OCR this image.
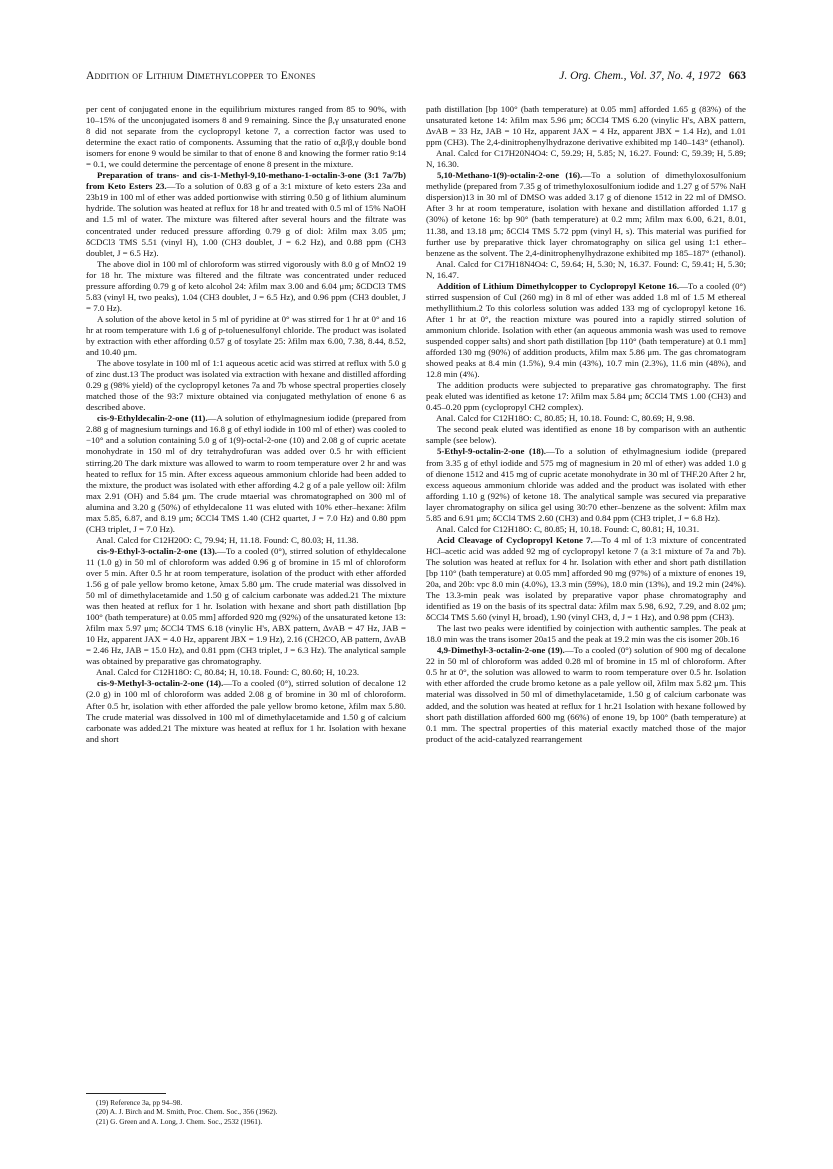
Addition of Lithium Dimethylcopper to Enones	J. Org. Chem., Vol. 37, No. 4, 1972 663

per cent of conjugated enone in the equilibrium mixtures ranged from 85 to 90%, with 10–15% of the unconjugated isomers 8 and 9 remaining. Since the β,γ unsaturated enone 8 did not separate from the cyclopropyl ketone 7, a correction factor was used to determine the exact ratio of components. Assuming that the ratio of α,β/β,γ double bond isomers for enone 9 would be similar to that of enone 8 and knowing the former ratio 9:14 = 0.1, we could determine the percentage of enone 8 present in the mixture.

Preparation of trans- and cis-1-Methyl-9,10-methano-1-octalin-3-one (3:1 7a/7b) from Keto Esters 23.—To a solution of 0.83 g of a 3:1 mixture of keto esters 23a and 23b19 in 100 ml of ether was added portionwise with stirring 0.50 g of lithium aluminum hydride. The solution was heated at reflux for 18 hr and treated with 0.5 ml of 15% NaOH and 1.5 ml of water. The mixture was filtered after several hours and the filtrate was concentrated under reduced pressure affording 0.79 g of diol: λfilm max 3.05 μm; δCDCl3 TMS 5.51 (vinyl H), 1.00 (CH3 doublet, J = 6.2 Hz), and 0.88 ppm (CH3 doublet, J = 6.5 Hz).

The above diol in 100 ml of chloroform was stirred vigorously with 8.0 g of MnO2 19 for 18 hr. The mixture was filtered and the filtrate was concentrated under reduced pressure affording 0.79 g of keto alcohol 24: λfilm max 3.00 and 6.04 μm; δCDCl3 TMS 5.83 (vinyl H, two peaks), 1.04 (CH3 doublet, J = 6.5 Hz), and 0.96 ppm (CH3 doublet, J = 7.0 Hz).

A solution of the above ketol in 5 ml of pyridine at 0° was stirred for 1 hr at 0° and 16 hr at room temperature with 1.6 g of p-toluenesulfonyl chloride. The product was isolated by extraction with ether affording 0.57 g of tosylate 25: λfilm max 6.00, 7.38, 8.44, 8.52, and 10.40 μm.

The above tosylate in 100 ml of 1:1 aqueous acetic acid was stirred at reflux with 5.0 g of zinc dust.13 The product was isolated via extraction with hexane and distilled affording 0.29 g (98% yield) of the cyclopropyl ketones 7a and 7b whose spectral properties closely matched those of the 93:7 mixture obtained via conjugated methylation of enone 6 as described above.

cis-9-Ethyldecalin-2-one (11).—A solution of ethylmagnesium iodide (prepared from 2.88 g of magnesium turnings and 16.8 g of ethyl iodide in 100 ml of ether) was cooled to −10° and a solution containing 5.0 g of 1(9)-octal-2-one (10) and 2.08 g of cupric acetate monohydrate in 150 ml of dry tetrahydrofuran was added over 0.5 hr with efficient stirring.20 The dark mixture was allowed to warm to room temperature over 2 hr and was heated to reflux for 15 min. After excess aqueous ammonium chloride had been added to the mixture, the product was isolated with ether affording 4.2 g of a pale yellow oil: λfilm max 2.91 (OH) and 5.84 μm. The crude mtaerial was chromatographed on 300 ml of alumina and 3.20 g (50%) of ethyldecalone 11 was eluted with 10% ether–hexane: λfilm max 5.85, 6.87, and 8.19 μm; δCCl4 TMS 1.40 (CH2 quartet, J = 7.0 Hz) and 0.80 ppm (CH3 triplet, J = 7.0 Hz).

Anal. Calcd for C12H20O: C, 79.94; H, 11.18. Found: C, 80.03; H, 11.38.

cis-9-Ethyl-3-octalin-2-one (13).—To a cooled (0°), stirred solution of ethyldecalone 11 (1.0 g) in 50 ml of chloroform was added 0.96 g of bromine in 15 ml of chloroform over 5 min. After 0.5 hr at room temperature, isolation of the product with ether afforded 1.56 g of pale yellow bromo ketone, λmax 5.80 μm. The crude material was dissolved in 50 ml of dimethylacetamide and 1.50 g of calcium carbonate was added.21 The mixture was then heated at reflux for 1 hr. Isolation with hexane and short path distillation [bp 100° (bath temperature) at 0.05 mm] afforded 920 mg (92%) of the unsaturated ketone 13: λfilm max 5.97 μm; δCCl4 TMS 6.18 (vinylic H's, ABX pattern, ΔνAB = 47 Hz, JAB = 10 Hz, apparent JAX = 4.0 Hz, apparent JBX = 1.9 Hz), 2.16 (CH2CO, AB pattern, ΔνAB = 2.46 Hz, JAB = 15.0 Hz), and 0.81 ppm (CH3 triplet, J = 6.3 Hz). The analytical sample was obtained by preparative gas chromatography.

Anal. Calcd for C12H18O: C, 80.84; H, 10.18. Found: C, 80.60; H, 10.23.

cis-9-Methyl-3-octalin-2-one (14).—To a cooled (0°), stirred solution of decalone 12 (2.0 g) in 100 ml of chloroform was added 2.08 g of bromine in 30 ml of chloroform. After 0.5 hr, isolation with ether afforded the pale yellow bromo ketone, λfilm max 5.80. The crude material was dissolved in 100 ml of dimethylacetamide and 1.50 g of calcium carbonate was added.21 The mixture was heated at reflux for 1 hr. Isolation with hexane and short

path distillation [bp 100° (bath temperature) at 0.05 mm] afforded 1.65 g (83%) of the unsaturated ketone 14: λfilm max 5.96 μm; δCCl4 TMS 6.20 (vinylic H's, ABX pattern, ΔνAB = 33 Hz, JAB = 10 Hz, apparent JAX = 4 Hz, apparent JBX = 1.4 Hz), and 1.01 ppm (CH3). The 2,4-dinitrophenylhydrazone derivative exhibited mp 140–143° (ethanol).

Anal. Calcd for C17H20N4O4: C, 59.29; H, 5.85; N, 16.27. Found: C, 59.39; H, 5.89; N, 16.30.

5,10-Methano-1(9)-octalin-2-one (16).—To a solution of dimethyloxosulfonium methylide (prepared from 7.35 g of trimethyloxosulfonium iodide and 1.27 g of 57% NaH dispersion)13 in 30 ml of DMSO was added 3.17 g of dienone 1512 in 22 ml of DMSO. After 3 hr at room temperature, isolation with hexane and distillation afforded 1.17 g (30%) of ketone 16: bp 90° (bath temperature) at 0.2 mm; λfilm max 6.00, 6.21, 8.01, 11.38, and 13.18 μm; δCCl4 TMS 5.72 ppm (vinyl H, s). This material was purified for further use by preparative thick layer chromatography on silica gel using 1:1 ether–benzene as the solvent. The 2,4-dinitrophenylhydrazone exhibited mp 185–187° (ethanol).

Anal. Calcd for C17H18N4O4: C, 59.64; H, 5.30; N, 16.37. Found: C, 59.41; H, 5.30; N, 16.47.

Addition of Lithium Dimethylcopper to Cyclopropyl Ketone 16.—To a cooled (0°) stirred suspension of CuI (260 mg) in 8 ml of ether was added 1.8 ml of 1.5 M ethereal methyllithium.2 To this colorless solution was added 133 mg of cyclopropyl ketone 16. After 1 hr at 0°, the reaction mixture was poured into a rapidly stirred solution of ammonium chloride. Isolation with ether (an aqueous ammonia wash was used to remove suspended copper salts) and short path distillation [bp 110° (bath temperature) at 0.1 mm] afforded 130 mg (90%) of addition products, λfilm max 5.86 μm. The gas chromatogram showed peaks at 8.4 min (1.5%), 9.4 min (43%), 10.7 min (2.3%), 11.6 min (48%), and 12.8 min (4%).

The addition products were subjected to preparative gas chromatography. The first peak eluted was identified as ketone 17: λfilm max 5.84 μm; δCCl4 TMS 1.00 (CH3) and 0.45–0.20 ppm (cyclopropyl CH2 complex).

Anal. Calcd for C12H18O: C, 80.85; H, 10.18. Found: C, 80.69; H, 9.98.

The second peak eluted was identified as enone 18 by comparison with an authentic sample (see below).

5-Ethyl-9-octalin-2-one (18).—To a solution of ethylmagnesium iodide (prepared from 3.35 g of ethyl iodide and 575 mg of magnesium in 20 ml of ether) was added 1.0 g of dienone 1512 and 415 mg of cupric acetate monohydrate in 30 ml of THF.20 After 2 hr, excess aqueous ammonium chloride was added and the product was isolated with ether affording 1.10 g (92%) of ketone 18. The analytical sample was secured via preparative layer chromatography on silica gel using 30:70 ether–benzene as the solvent: λfilm max 5.85 and 6.91 μm; δCCl4 TMS 2.60 (CH3) and 0.84 ppm (CH3 triplet, J = 6.8 Hz).

Anal. Calcd for C12H18O: C, 80.85; H, 10.18. Found: C, 80.81; H, 10.31.

Acid Cleavage of Cyclopropyl Ketone 7.—To 4 ml of 1:3 mixture of concentrated HCl–acetic acid was added 92 mg of cyclopropyl ketone 7 (a 3:1 mixture of 7a and 7b). The solution was heated at reflux for 4 hr. Isolation with ether and short path distillation [bp 110° (bath temperature) at 0.05 mm] afforded 90 mg (97%) of a mixture of enones 19, 20a, and 20b: vpc 8.0 min (4.0%), 13.3 min (59%), 18.0 min (13%), and 19.2 min (24%). The 13.3-min peak was isolated by preparative vapor phase chromatography and identified as 19 on the basis of its spectral data: λfilm max 5.98, 6.92, 7.29, and 8.02 μm; δCCl4 TMS 5.60 (vinyl H, broad), 1.90 (vinyl CH3, d, J = 1 Hz), and 0.98 ppm (CH3).

The last two peaks were identified by coinjection with authentic samples. The peak at 18.0 min was the trans isomer 20a15 and the peak at 19.2 min was the cis isomer 20b.16

4,9-Dimethyl-3-octalin-2-one (19).—To a cooled (0°) solution of 900 mg of decalone 22 in 50 ml of chloroform was added 0.28 ml of bromine in 15 ml of chloroform. After 0.5 hr at 0°, the solution was allowed to warm to room temperature over 0.5 hr. Isolation with ether afforded the crude bromo ketone as a pale yellow oil, λfilm max 5.82 μm. This material was dissolved in 50 ml of dimethylacetamide, 1.50 g of calcium carbonate was added, and the solution was heated at reflux for 1 hr.21 Isolation with hexane followed by short path distillation afforded 600 mg (66%) of enone 19, bp 100° (bath temperature) at 0.1 mm. The spectral properties of this material exactly matched those of the major product of the acid-catalyzed rearrangement

(19) Reference 3a, pp 94–98.
(20) A. J. Birch and M. Smith, Proc. Chem. Soc., 356 (1962).
(21) G. Green and A. Long, J. Chem. Soc., 2532 (1961).
